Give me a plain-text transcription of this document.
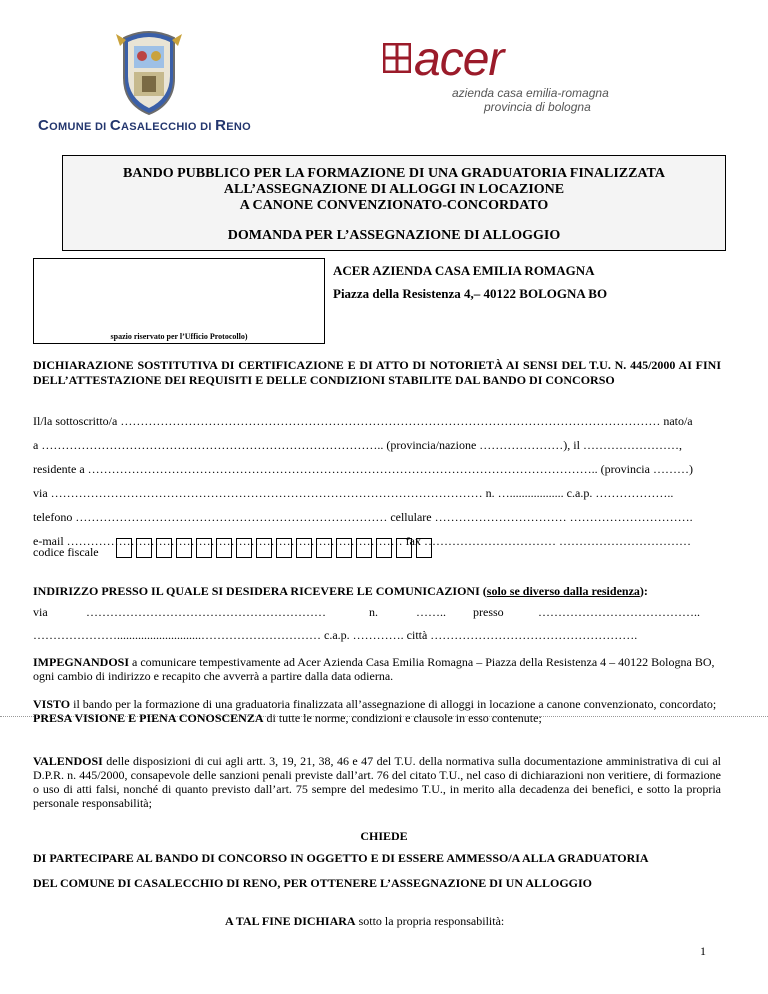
COMUNE DI CASALECCHIO DI RENO
acer
azienda casa emilia-romagna
provincia di bologna
BANDO PUBBLICO PER LA FORMAZIONE DI UNA GRADUATORIA FINALIZZATA
ALL’ASSEGNAZIONE DI ALLOGGI IN LOCAZIONE
A CANONE CONVENZIONATO-CONCORDATO
DOMANDA PER L’ASSEGNAZIONE DI ALLOGGIO
spazio riservato per l’Ufficio Protocollo)
ACER AZIENDA CASA EMILIA ROMAGNA
Piazza della Resistenza 4,– 40122 BOLOGNA BO
DICHIARAZIONE SOSTITUTIVA DI CERTIFICAZIONE E DI ATTO DI NOTORIETÀ AI SENSI DEL T.U. N. 445/2000 AI FINI DELL’ATTESTAZIONE DEI REQUISITI E DELLE CONDIZIONI STABILITE DAL BANDO DI CONCORSO
Il/la sottoscritto/a ……………………………………………………………………………………………………………………… nato/a
a ………………………………………………………………………….. (provincia/nazione …………………), il ……………………,
residente a ……………………………………………………………………………………………………………….. (provincia ………)
via ……………………………………………………………………………………………… n. ….................. c.a.p. ………………..
telefono …………………………………………………………………… cellulare …………………………… ………………………….
e-mail ………………………………………………………………………… fax …………………………… ……………………………
codice fiscale
INDIRIZZO PRESSO IL QUALE SI DESIDERA RICEVERE LE COMUNICAZIONI (solo se diverso dalla residenza):
via	……………………………………………………	n.	…….. presso	…………………………………..
…………………............................………………………… c.a.p. …………. città …………………………………………….
IMPEGNANDOSI a comunicare tempestivamente ad Acer Azienda Casa Emilia Romagna – Piazza della Resistenza 4 – 40122 Bologna BO, ogni cambio di indirizzo e recapito che avverrà a partire dalla data odierna.
VISTO il bando per la formazione di una graduatoria finalizzata all’assegnazione di alloggi in locazione a canone convenzionato, concordato;
PRESA VISIONE E PIENA CONOSCENZA di tutte le norme, condizioni e clausole in esso contenute;
VALENDOSI delle disposizioni di cui agli artt. 3, 19, 21, 38, 46 e 47 del T.U. della normativa sulla documentazione amministrativa di cui al D.P.R. n. 445/2000, consapevole delle sanzioni penali previste dall’art. 76 del citato T.U., nel caso di dichiarazioni non veritiere, di formazione o uso di atti falsi, nonché di quanto previsto dall’art. 75 sempre del medesimo T.U., in merito alla decadenza dei benefici, e sotto la propria personale responsabilità;
CHIEDE
DI PARTECIPARE AL BANDO DI CONCORSO IN OGGETTO E DI ESSERE AMMESSO/A ALLA GRADUATORIA
DEL COMUNE DI CASALECCHIO DI RENO, PER OTTENERE L’ASSEGNAZIONE DI UN ALLOGGIO
A TAL FINE DICHIARA sotto la propria responsabilità:
1
